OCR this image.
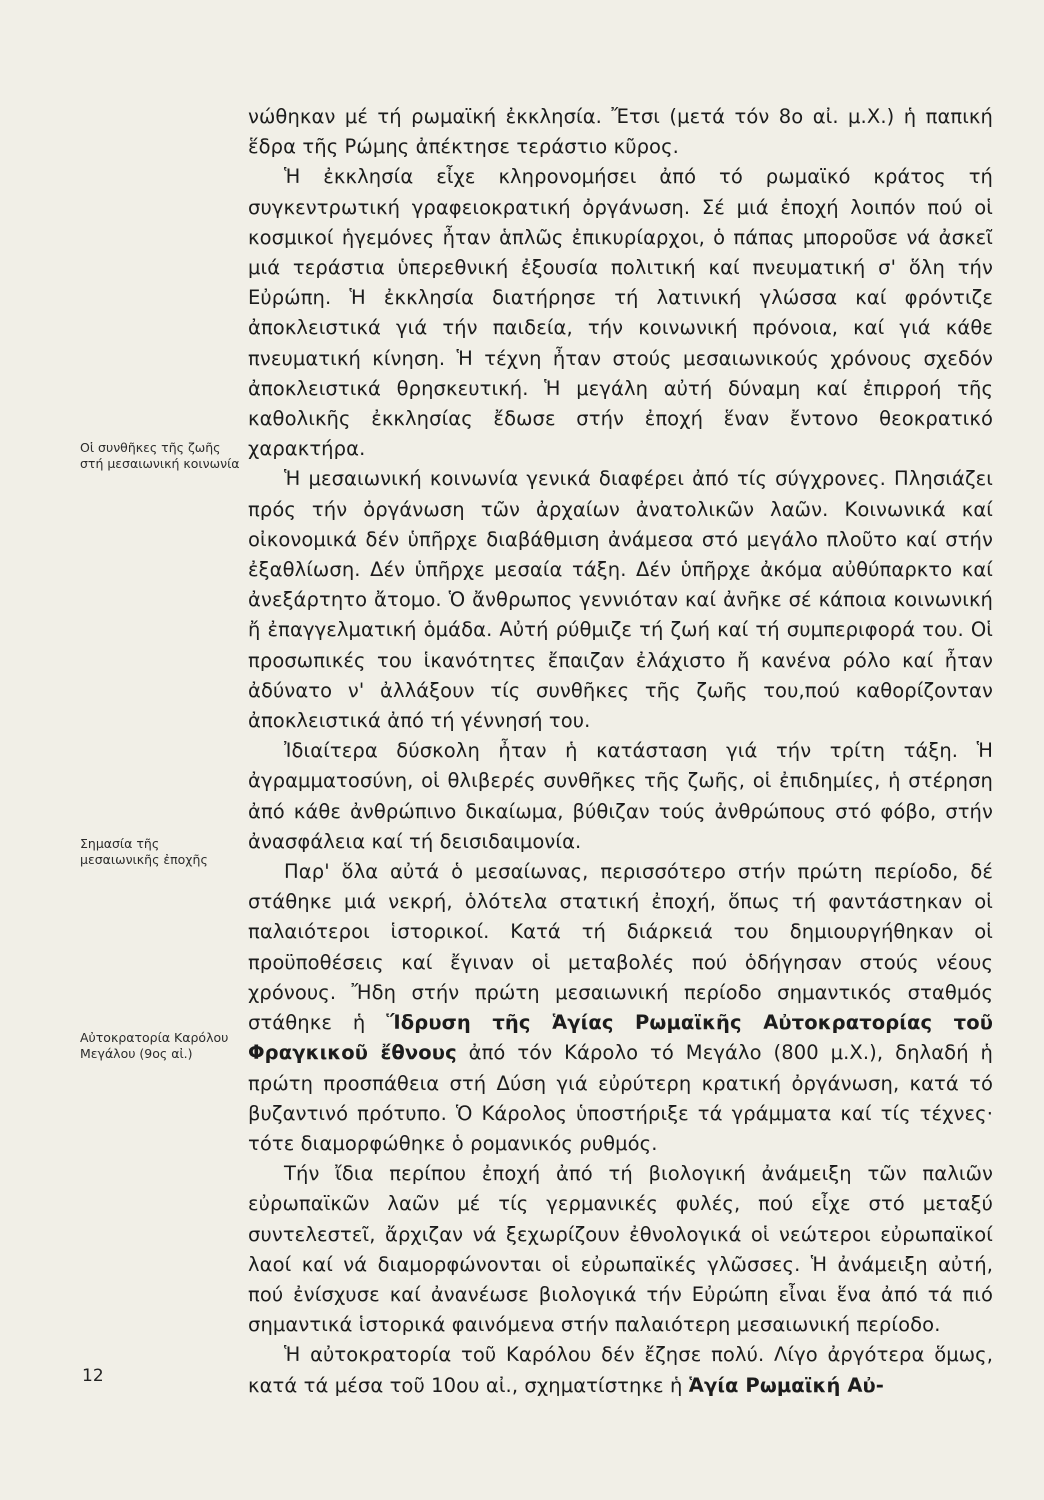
Οἱ συνθῆκες τῆς ζωῆς στή μεσαιωνική κοινωνία
Σημασία τῆς μεσαιωνικῆς ἐποχῆς
Αὐτοκρατορία Καρόλου Μεγάλου (9ος αἰ.)

νώθηκαν μέ τή ρωμαϊκή ἐκκλησία. Ἔτσι (μετά τόν 8ο αἰ. μ.Χ.) ἡ παπική ἕδρα τῆς Ρώμης ἀπέκτησε τεράστιο κῦρος.

Ἡ ἐκκλησία εἶχε κληρονομήσει ἀπό τό ρωμαϊκό κράτος τή συγκεντρωτική γραφειοκρατική ὀργάνωση. Σέ μιά ἐποχή λοιπόν πού οἱ κοσμικοί ἡγεμόνες ἦταν ἁπλῶς ἐπικυρίαρχοι, ὁ πάπας μποροῦσε νά ἀσκεῖ μιά τεράστια ὑπερεθνική ἐξουσία πολιτική καί πνευματική σ' ὅλη τήν Εὐρώπη. Ἡ ἐκκλησία διατήρησε τή λατινική γλώσσα καί φρόντιζε ἀποκλειστικά γιά τήν παιδεία, τήν κοινωνική πρόνοια, καί γιά κάθε πνευματική κίνηση. Ἡ τέχνη ἦταν στούς μεσαιωνικούς χρόνους σχεδόν ἀποκλειστικά θρησκευτική. Ἡ μεγάλη αὐτή δύναμη καί ἐπιρροή τῆς καθολικῆς ἐκκλησίας ἔδωσε στήν ἐποχή ἕναν ἔντονο θεοκρατικό χαρακτήρα.

Ἡ μεσαιωνική κοινωνία γενικά διαφέρει ἀπό τίς σύγχρονες. Πλησιάζει πρός τήν ὀργάνωση τῶν ἀρχαίων ἀνατολικῶν λαῶν. Κοινωνικά καί οἰκονομικά δέν ὑπῆρχε διαβάθμιση ἀνάμεσα στό μεγάλο πλοῦτο καί στήν ἐξαθλίωση. Δέν ὑπῆρχε μεσαία τάξη. Δέν ὑπῆρχε ἀκόμα αὐθύπαρκτο καί ἀνεξάρτητο ἄτομο. Ὁ ἄνθρωπος γεννιόταν καί ἀνῆκε σέ κάποια κοινωνική ἤ ἐπαγγελματική ὁμάδα. Αὐτή ρύθμιζε τή ζωή καί τή συμπεριφορά του. Οἱ προσωπικές του ἱκανότητες ἔπαιζαν ἐλάχιστο ἤ κανένα ρόλο καί ἦταν ἀδύνατο ν' ἀλλάξουν τίς συνθῆκες τῆς ζωῆς του,πού καθορίζονταν ἀποκλειστικά ἀπό τή γέννησή του.

Ἰδιαίτερα δύσκολη ἦταν ἡ κατάσταση γιά τήν τρίτη τάξη. Ἡ ἀγραμματοσύνη, οἱ θλιβερές συνθῆκες τῆς ζωῆς, οἱ ἐπιδημίες, ἡ στέρηση ἀπό κάθε ἀνθρώπινο δικαίωμα, βύθιζαν τούς ἀνθρώπους στό φόβο, στήν ἀνασφάλεια καί τή δεισιδαιμονία.

Παρ' ὅλα αὐτά ὁ μεσαίωνας, περισσότερο στήν πρώτη περίοδο, δέ στάθηκε μιά νεκρή, ὁλότελα στατική ἐποχή, ὅπως τή φαντάστηκαν οἱ παλαιότεροι ἱστορικοί. Κατά τή διάρκειά του δημιουργήθηκαν οἱ προϋποθέσεις καί ἔγιναν οἱ μεταβολές πού ὁδήγησαν στούς νέους χρόνους. Ἤδη στήν πρώτη μεσαιωνική περίοδο σημαντικός σταθμός στάθηκε ἡ Ἵδρυση τῆς Ἁγίας Ρωμαϊκῆς Αὐτοκρατορίας τοῦ Φραγκικοῦ ἔθνους ἀπό τόν Κάρολο τό Μεγάλο (800 μ.Χ.), δηλαδή ἡ πρώτη προσπάθεια στή Δύση γιά εὐρύτερη κρατική ὀργάνωση, κατά τό βυζαντινό πρότυπο. Ὁ Κάρολος ὑποστήριξε τά γράμματα καί τίς τέχνες· τότε διαμορφώθηκε ὁ ρομανικός ρυθμός.

Τήν ἴδια περίπου ἐποχή ἀπό τή βιολογική ἀνάμειξη τῶν παλιῶν εὐρωπαϊκῶν λαῶν μέ τίς γερμανικές φυλές, πού εἶχε στό μεταξύ συντελεστεῖ, ἄρχιζαν νά ξεχωρίζουν ἐθνολογικά οἱ νεώτεροι εὐρωπαϊκοί λαοί καί νά διαμορφώνονται οἱ εὐρωπαϊκές γλῶσσες. Ἡ ἀνάμειξη αὐτή, πού ἐνίσχυσε καί ἀνανέωσε βιολογικά τήν Εὐρώπη εἶναι ἕνα ἀπό τά πιό σημαντικά ἱστορικά φαινόμενα στήν παλαιότερη μεσαιωνική περίοδο.

Ἡ αὐτοκρατορία τοῦ Καρόλου δέν ἔζησε πολύ. Λίγο ἀργότερα ὅμως, κατά τά μέσα τοῦ 10ου αἰ., σχηματίστηκε ἡ Ἁγία Ρωμαϊκή Αὐ-

12
